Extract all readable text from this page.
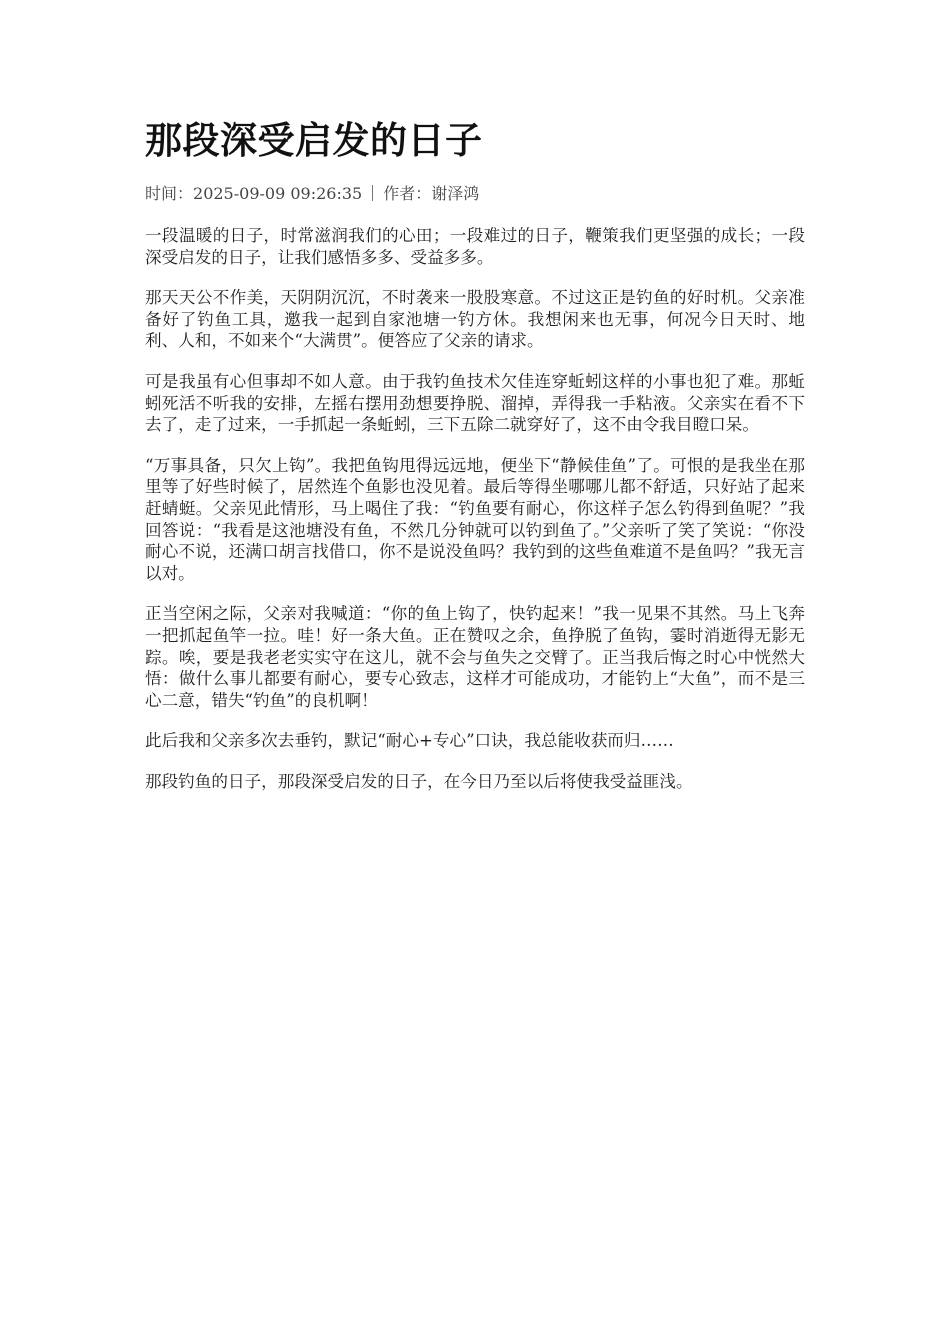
那段深受启发的日子
时间：2025-09-09 09:26:35 作者：谢泽鸿

一段温暖的日子，时常滋润我们的心田；一段难过的日子，鞭策我们更坚强的成长；一段深受启发的日子，让我们感悟多多、受益多多。

那天天公不作美，天阴阴沉沉，不时袭来一股股寒意。不过这正是钓鱼的好时机。父亲准备好了钓鱼工具，邀我一起到自家池塘一钓方休。我想闲来也无事，何况今日天时、地利、人和，不如来个“大满贯”。便答应了父亲的请求。

可是我虽有心但事却不如人意。由于我钓鱼技术欠佳连穿蚯蚓这样的小事也犯了难。那蚯蚓死活不听我的安排，左摇右摆用劲想要挣脱、溜掉，弄得我一手粘液。父亲实在看不下去了，走了过来，一手抓起一条蚯蚓，三下五除二就穿好了，这不由令我目瞪口呆。

“万事具备，只欠上钩”。我把鱼钩甩得远远地，便坐下“静候佳鱼”了。可恨的是我坐在那里等了好些时候了，居然连个鱼影也没见着。最后等得坐哪哪儿都不舒适，只好站了起来赶蜻蜓。父亲见此情形，马上喝住了我：“钓鱼要有耐心，你这样子怎么钓得到鱼呢？”我回答说：“我看是这池塘没有鱼，不然几分钟就可以钓到鱼了。”父亲听了笑了笑说：“你没耐心不说，还满口胡言找借口，你不是说没鱼吗？我钓到的这些鱼难道不是鱼吗？”我无言以对。

正当空闲之际，父亲对我喊道：“你的鱼上钩了，快钓起来！”我一见果不其然。马上飞奔一把抓起鱼竿一拉。哇！好一条大鱼。正在赞叹之余，鱼挣脱了鱼钩，霎时消逝得无影无踪。唉，要是我老老实实守在这儿，就不会与鱼失之交臂了。正当我后悔之时心中恍然大悟：做什么事儿都要有耐心，要专心致志，这样才可能成功，才能钓上“大鱼”，而不是三心二意，错失“钓鱼”的良机啊！

此后我和父亲多次去垂钓，默记“耐心+专心”口诀，我总能收获而归……

那段钓鱼的日子，那段深受启发的日子，在今日乃至以后将使我受益匪浅。
